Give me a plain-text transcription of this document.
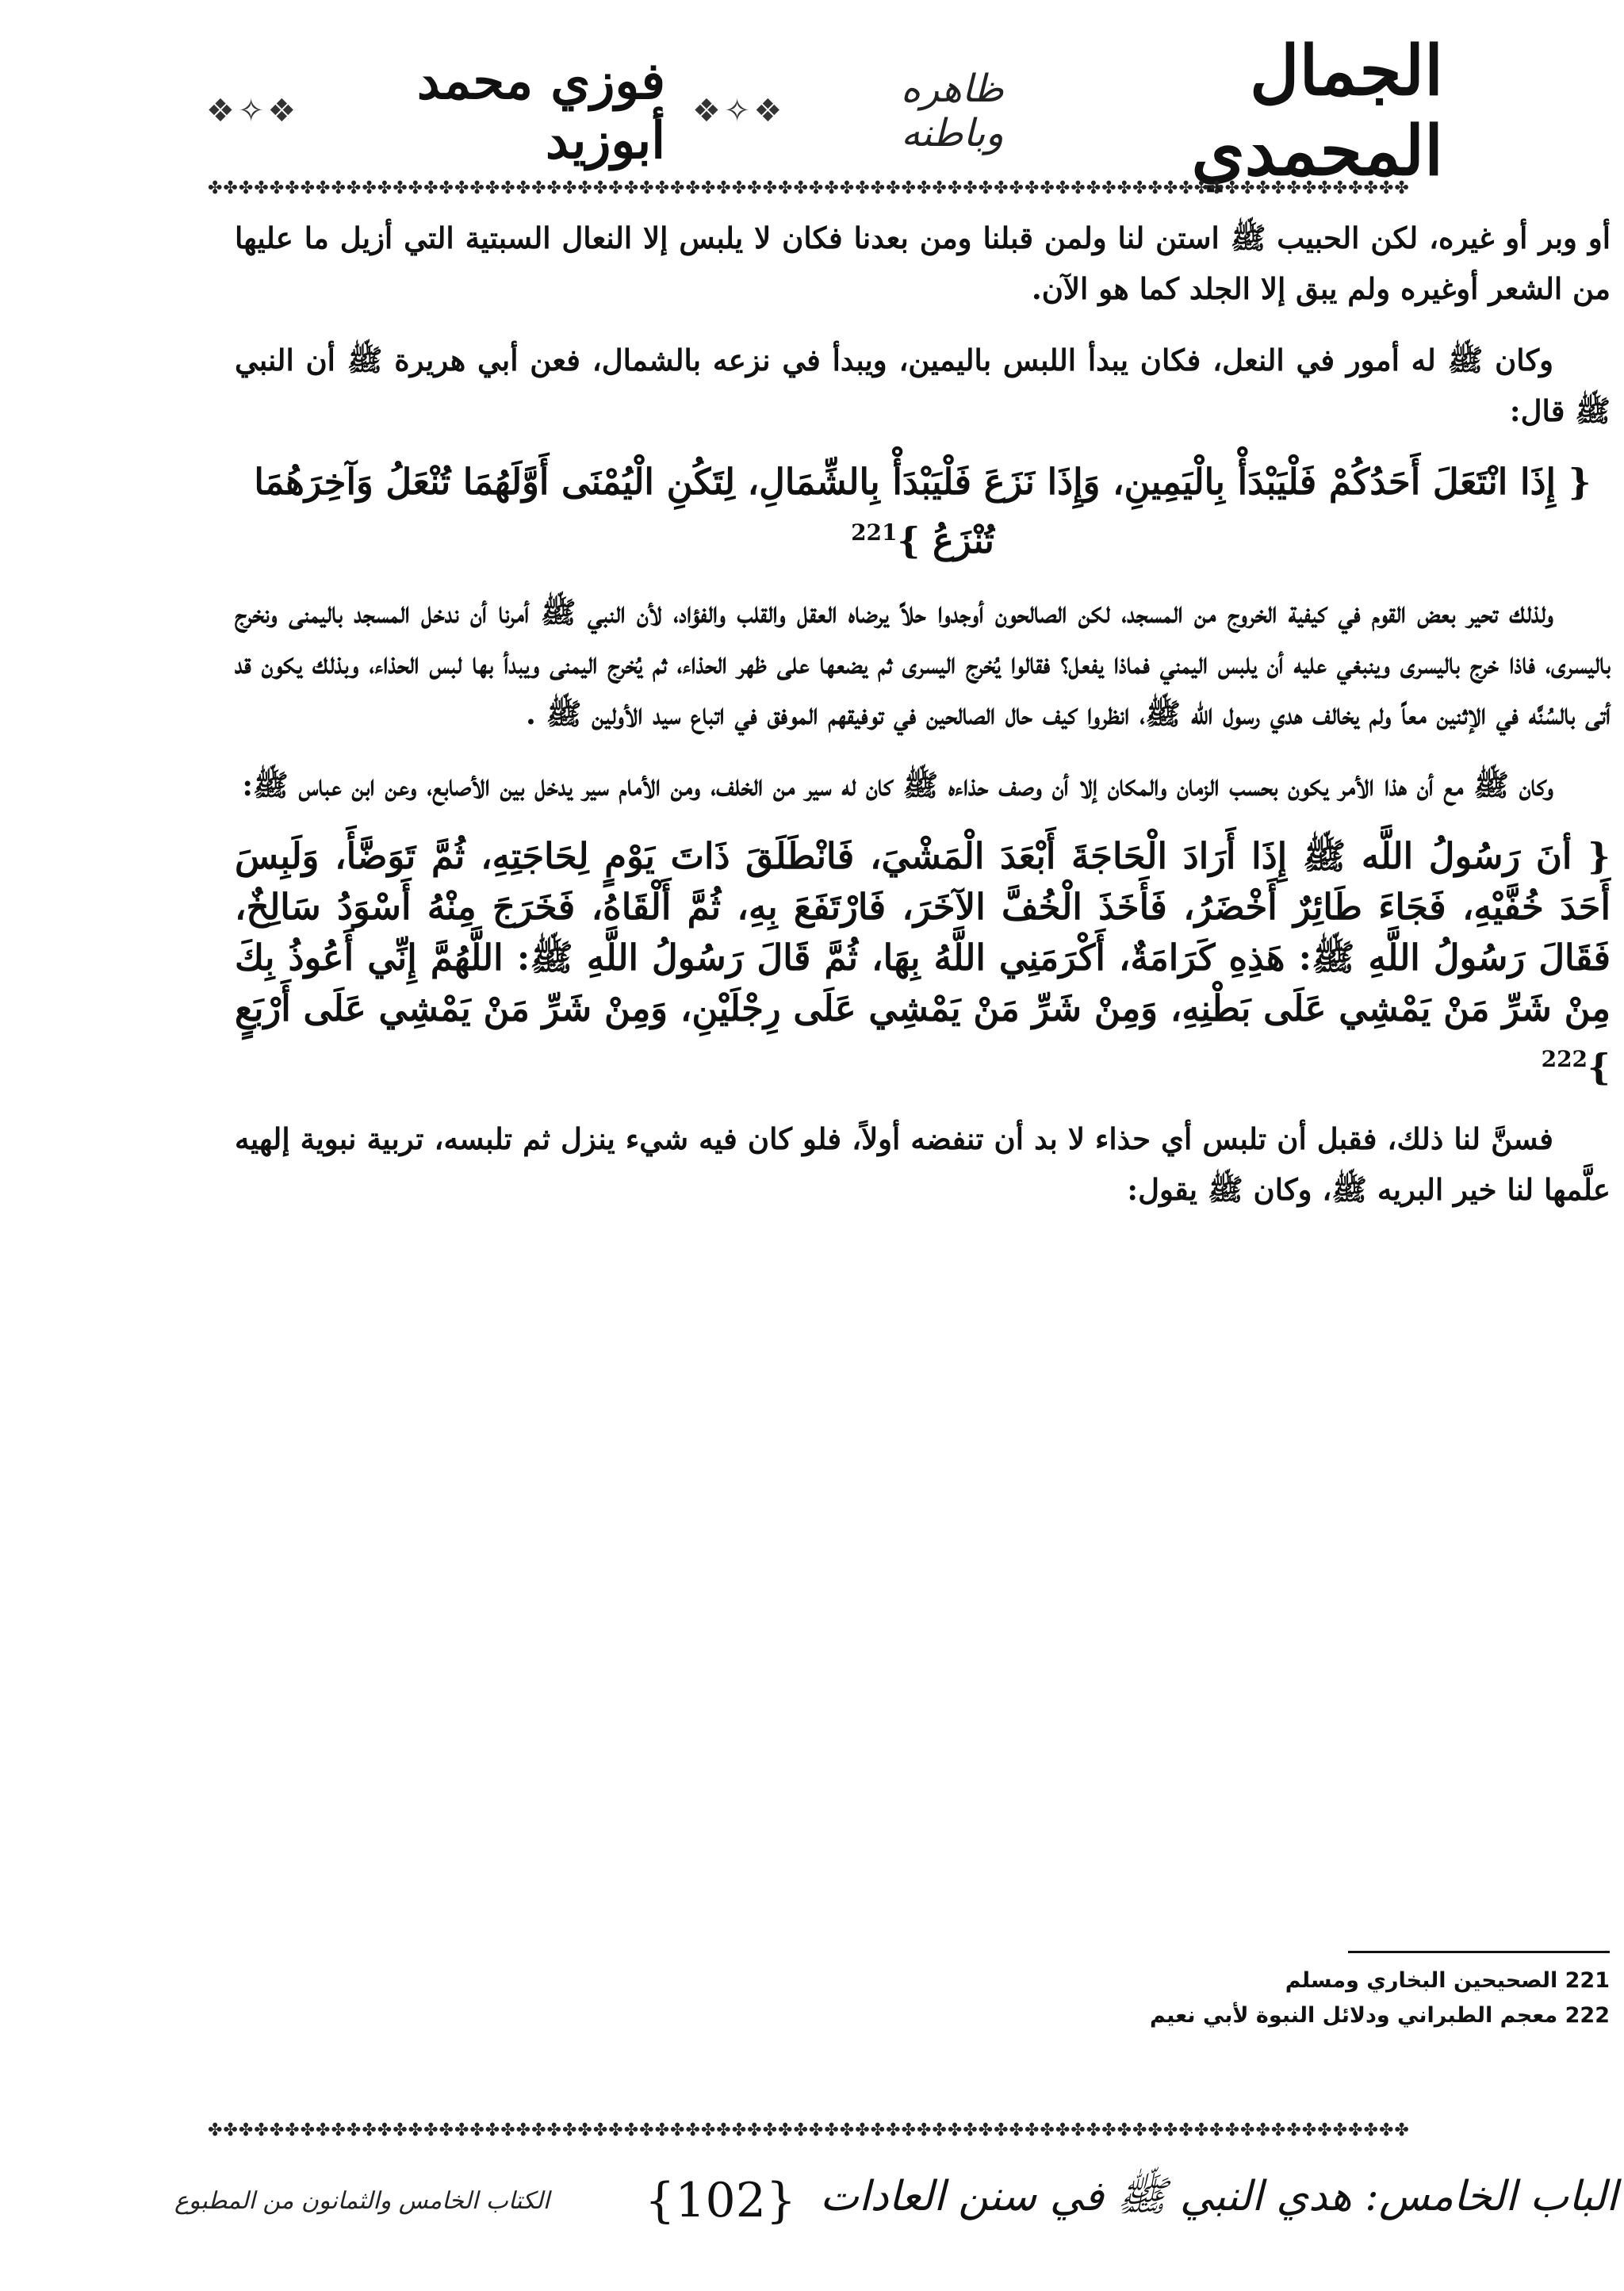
الجمال المحمدي
ظاهره وباطنه
❖✧❖
فوزي محمد أبوزيد
❖✧❖
✤✤✤✤✤✤✤✤✤✤✤✤✤✤✤✤✤✤✤✤✤✤✤✤✤✤✤✤✤✤✤✤✤✤✤✤✤✤✤✤✤✤✤✤✤✤✤✤✤✤✤✤✤✤✤✤✤✤✤✤✤✤✤✤✤✤✤✤✤✤✤✤✤✤✤✤✤✤

أو وبر أو غيره، لكن الحبيب ﷺ استن لنا ولمن قبلنا ومن بعدنا فكان لا يلبس إلا النعال السبتية التي أزيل ما عليها من الشعر أوغيره ولم يبق إلا الجلد كما هو الآن.

وكان ﷺ له أمور في النعل، فكان يبدأ اللبس باليمين، ويبدأ في نزعه بالشمال، فعن أبي هريرة ﷺ أن النبي ﷺ قال:

{ إِذَا انْتَعَلَ أَحَدُكُمْ فَلْيَبْدَأْ بِالْيَمِينِ، وَإِذَا نَزَعَ فَلْيَبْدَأْ بِالشِّمَالِ، لِتَكُنِ الْيُمْنَى أَوَّلَهُمَا تُنْعَلُ وَآخِرَهُمَا تُنْزَعُ }$^{221}$

ولذلك تحير بعض القوم في كيفية الخروج من المسجد، لكن الصالحون أوجدوا حلاً يرضاه العقل والقلب والفؤاد، لأن النبي ﷺ أمرنا أن ندخل المسجد باليمنى ونخرج باليسرى، فاذا خرج باليسرى وينبغي عليه أن يلبس اليمني فماذا يفعل؟ فقالوا يُخرج اليسرى ثم يضعها على ظهر الحذاء، ثم يُخرج اليمنى ويبدأ بها لبس الحذاء، وبذلك يكون قد أتى بالسُنَّه في الإثنين معاً ولم يخالف هدي رسول الله ﷺ، انظروا كيف حال الصالحين في توفيقهم الموفق في اتباع سيد الأولين ﷺ .

وكان ﷺ مع أن هذا الأمر يكون بحسب الزمان والمكان إلا أن وصف حذاءه ﷺ كان له سير من الخلف، ومن الأمام سير يدخل بين الأصابع، وعن ابن عباس ﷺ:

{ أنَ رَسُولُ اللَّه ﷺ إِذَا أَرَادَ الْحَاجَةَ أَبْعَدَ الْمَشْيَ، فَانْطَلَقَ ذَاتَ يَوْمٍ لِحَاجَتِهِ، ثُمَّ تَوَضَّأَ، وَلَبِسَ أَحَدَ خُفَّيْهِ، فَجَاءَ طَائِرٌ أَخْضَرُ، فَأَخَذَ الْخُفَّ الآخَرَ، فَارْتَفَعَ بِهِ، ثُمَّ أَلْقَاهُ، فَخَرَجَ مِنْهُ أَسْوَدُ سَالِخٌ، فَقَالَ رَسُولُ اللَّهِ ﷺ: هَذِهِ كَرَامَةٌ، أَكْرَمَنِي اللَّهُ بِهَا، ثُمَّ قَالَ رَسُولُ اللَّهِ ﷺ: اللَّهُمَّ إِنِّي أَعُوذُ بِكَ مِنْ شَرِّ مَنْ يَمْشِي عَلَى بَطْنِهِ، وَمِنْ شَرِّ مَنْ يَمْشِي عَلَى رِجْلَيْنِ، وَمِنْ شَرِّ مَنْ يَمْشِي عَلَى أَرْبَعٍ }$^{222}$

فسنَّ لنا ذلك، فقبل أن تلبس أي حذاء لا بد أن تنفضه أولاً، فلو كان فيه شيء ينزل ثم تلبسه، تربية نبوية إلهيه علَّمها لنا خير البريه ﷺ، وكان ﷺ يقول:

221 الصحيحين البخاري ومسلم
222 معجم الطبراني ودلائل النبوة لأبي نعيم
✤✤✤✤✤✤✤✤✤✤✤✤✤✤✤✤✤✤✤✤✤✤✤✤✤✤✤✤✤✤✤✤✤✤✤✤✤✤✤✤✤✤✤✤✤✤✤✤✤✤✤✤✤✤✤✤✤✤✤✤✤✤✤✤✤✤✤✤✤✤✤✤✤✤✤✤✤✤
الباب الخامس: هدي النبي ﷺ في سنن العادات
{102}
الكتاب الخامس والثمانون من المطبوع
